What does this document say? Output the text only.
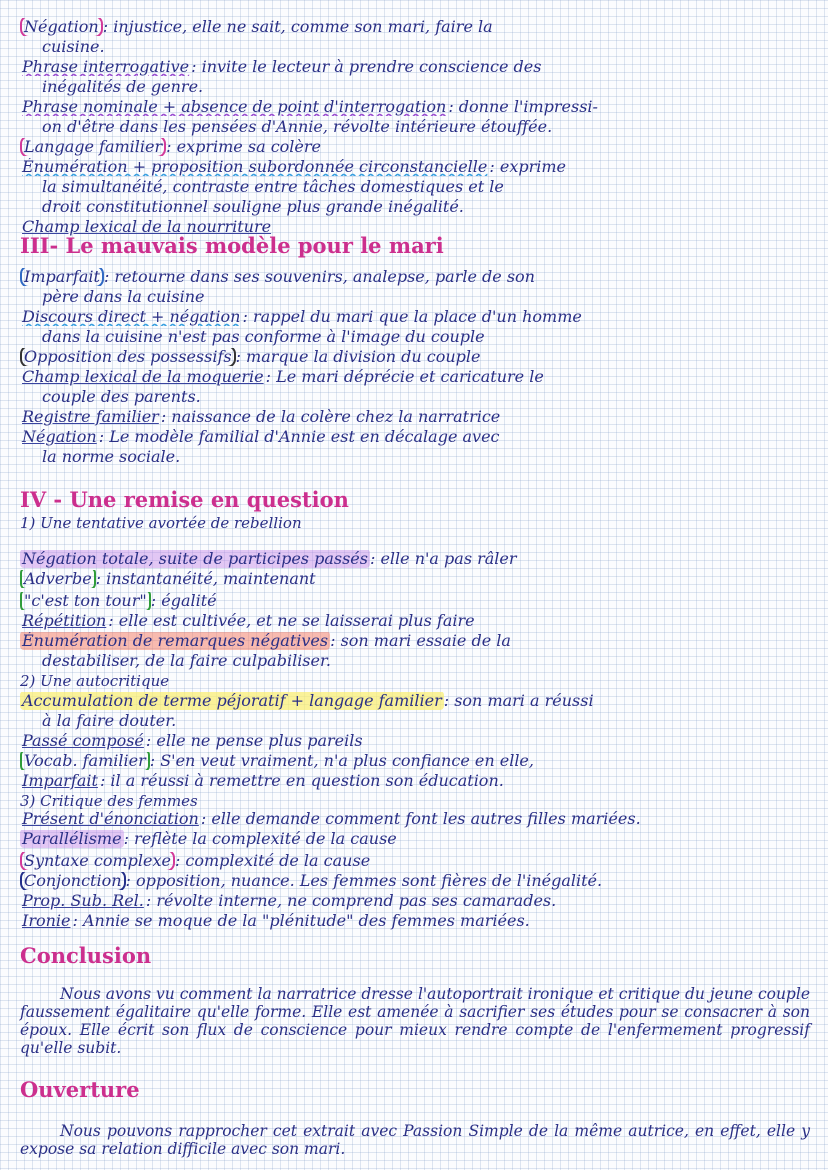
Négation : injustice, elle ne sait, comme son mari, faire la
cuisine.
Phrase interrogative : invite le lecteur à prendre conscience des
inégalités de genre.
Phrase nominale + absence de point d'interrogation : donne l'impressi-
on d'être dans les pensées d'Annie, révolte intérieure étouffée.
Langage familier : exprime sa colère
Énumération + proposition subordonnée circonstancielle : exprime
la simultanéité, contraste entre tâches domestiques et le
droit constitutionnel souligne plus grande inégalité.
Champ lexical de la nourriture
III- Le mauvais modèle pour le mari
Imparfait : retourne dans ses souvenirs, analepse, parle de son
père dans la cuisine
Discours direct + négation : rappel du mari que la place d'un homme
dans la cuisine n'est pas conforme à l'image du couple
Opposition des possessifs : marque la division du couple
Champ lexical de la moquerie : Le mari déprécie et caricature le
couple des parents.
Registre familier : naissance de la colère chez la narratrice
Négation : Le modèle familial d'Annie est en décalage avec
la norme sociale.
IV - Une remise en question
1) Une tentative avortée de rebellion
Négation totale, suite de participes passés : elle n'a pas râler
Adverbe : instantanéité, maintenant
"c'est ton tour" : égalité
Répétition : elle est cultivée, et ne se laisserai plus faire
Énumération de remarques négatives : son mari essaie de la
destabiliser, de la faire culpabiliser.
2) Une autocritique
Accumulation de terme péjoratif + langage familier : son mari a réussi
à la faire douter.
Passé composé : elle ne pense plus pareils
Vocab. familier : S'en veut vraiment, n'a plus confiance en elle,
Imparfait : il a réussi à remettre en question son éducation.
3) Critique des femmes
Présent d'énonciation : elle demande comment font les autres filles mariées.
Parallélisme : reflète la complexité de la cause
Syntaxe complexe : complexité de la cause
Conjonction : opposition, nuance. Les femmes sont fières de l'inégalité.
Prop. Sub. Rel. : révolte interne, ne comprend pas ses camarades.
Ironie : Annie se moque de la "plénitude" des femmes mariées.
Conclusion
Nous avons vu comment la narratrice dresse l'autoportrait ironique et critique du jeune couple faussement égalitaire qu'elle forme. Elle est amenée à sacrifier ses études pour se consacrer à son époux. Elle écrit son flux de conscience pour mieux rendre compte de l'enfermement progressif qu'elle subit.
Ouverture
Nous pouvons rapprocher cet extrait avec Passion Simple de la même autrice, en effet, elle y expose sa relation difficile avec son mari.
